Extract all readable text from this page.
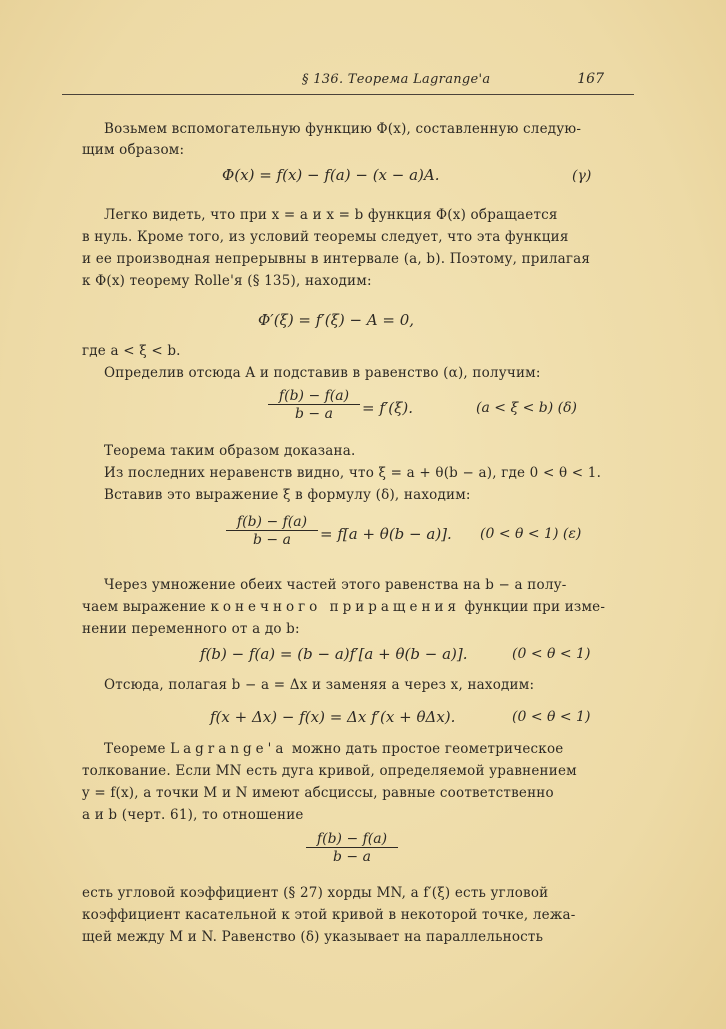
§ 136. Теорема Lagrange'а	167
Возьмем вспомогательную функцию Φ(x), составленную следую-
щим образом:
Φ(x) = f(x) − f(a) − (x − a)A.	(γ)
Легко видеть, что при x = a и x = b функция Φ(x) обращается
в нуль. Кроме того, из условий теоремы следует, что эта функция
и ее производная непрерывны в интервале (a, b). Поэтому, прилагая
к Φ(x) теорему Rolle'я (§ 135), находим:
Φ′(ξ) = f′(ξ) − A = 0,
где a < ξ < b.
Определив отсюда A и подставив в равенство (α), получим:
$\frac{f(b) - f(a)}{b - a} = f'(\xi)$.	(a < ξ < b) (δ)
Теорема таким образом доказана.
Из последних неравенств видно, что ξ = a + θ(b − a), где 0 < θ < 1.
Вставив это выражение ξ в формулу (δ), находим:
$\frac{f(b) - f(a)}{b - a} = f[a + \theta(b - a)]$. (0 < θ < 1) (ε)
Через умножение обеих частей этого равенства на b − a полу-
чаем выражение конечного приращения функции при изме-
нении переменного от a до b:
f(b) − f(a) = (b − a)f′[a + θ(b − a)].	(0 < θ < 1)
Отсюда, полагая b − a = Δx и заменяя a через x, находим:
f(x + Δx) − f(x) = Δx f′(x + θΔx).	(0 < θ < 1)
Теореме Lagrange'а можно дать простое геометрическое
толкование. Если MN есть дуга кривой, определяемой уравнением
y = f(x), а точки M и N имеют абсциссы, равные соответственно
a и b (черт. 61), то отношение
$\frac{f(b) - f(a)}{b - a}$
есть угловой коэффициент (§ 27) хорды MN, а f′(ξ) есть угловой
коэффициент касательной к этой кривой в некоторой точке, лежа-
щей между M и N. Равенство (δ) указывает на параллельность
